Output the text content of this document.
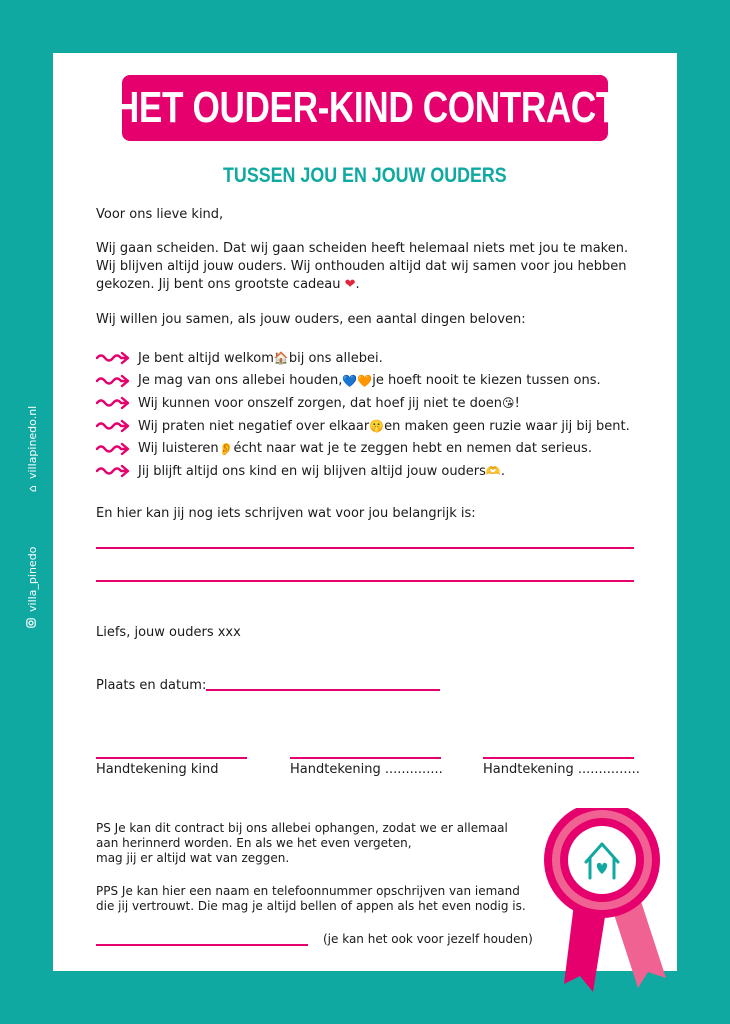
HET OUDER-KIND CONTRACT
TUSSEN JOU EN JOUW OUDERS
Voor ons lieve kind,
Wij gaan scheiden. Dat wij gaan scheiden heeft helemaal niets met jou te maken.
Wij blijven altijd jouw ouders. Wij onthouden altijd dat wij samen voor jou hebben
gekozen. Jij bent ons grootste cadeau ❤.
Wij willen jou samen, als jouw ouders, een aantal dingen beloven:
Je bent altijd welkom 🏠 bij ons allebei.
Je mag van ons allebei houden, 💙🧡 je hoeft nooit te kiezen tussen ons.
Wij kunnen voor onszelf zorgen, dat hoef jij niet te doen 😘 !
Wij praten niet negatief over elkaar 🤫 en maken geen ruzie waar jij bij bent.
Wij luisteren 👂 écht naar wat je te zeggen hebt en nemen dat serieus.
Jij blijft altijd ons kind en wij blijven altijd jouw ouders 🫶 .
En hier kan jij nog iets schrijven wat voor jou belangrijk is:
Liefs, jouw ouders xxx
Plaats en datum:
Handtekening kind	Handtekening ..............	Handtekening ...............
PS Je kan dit contract bij ons allebei ophangen, zodat we er allemaal
aan herinnerd worden. En als we het even vergeten,
mag jij er altijd wat van zeggen.
PPS Je kan hier een naam en telefoonnummer opschrijven van iemand
die jij vertrouwt. Die mag je altijd bellen of appen als het even nodig is.
(je kan het ook voor jezelf houden)
⌂
villapinedo.nl
villa_pinedo
